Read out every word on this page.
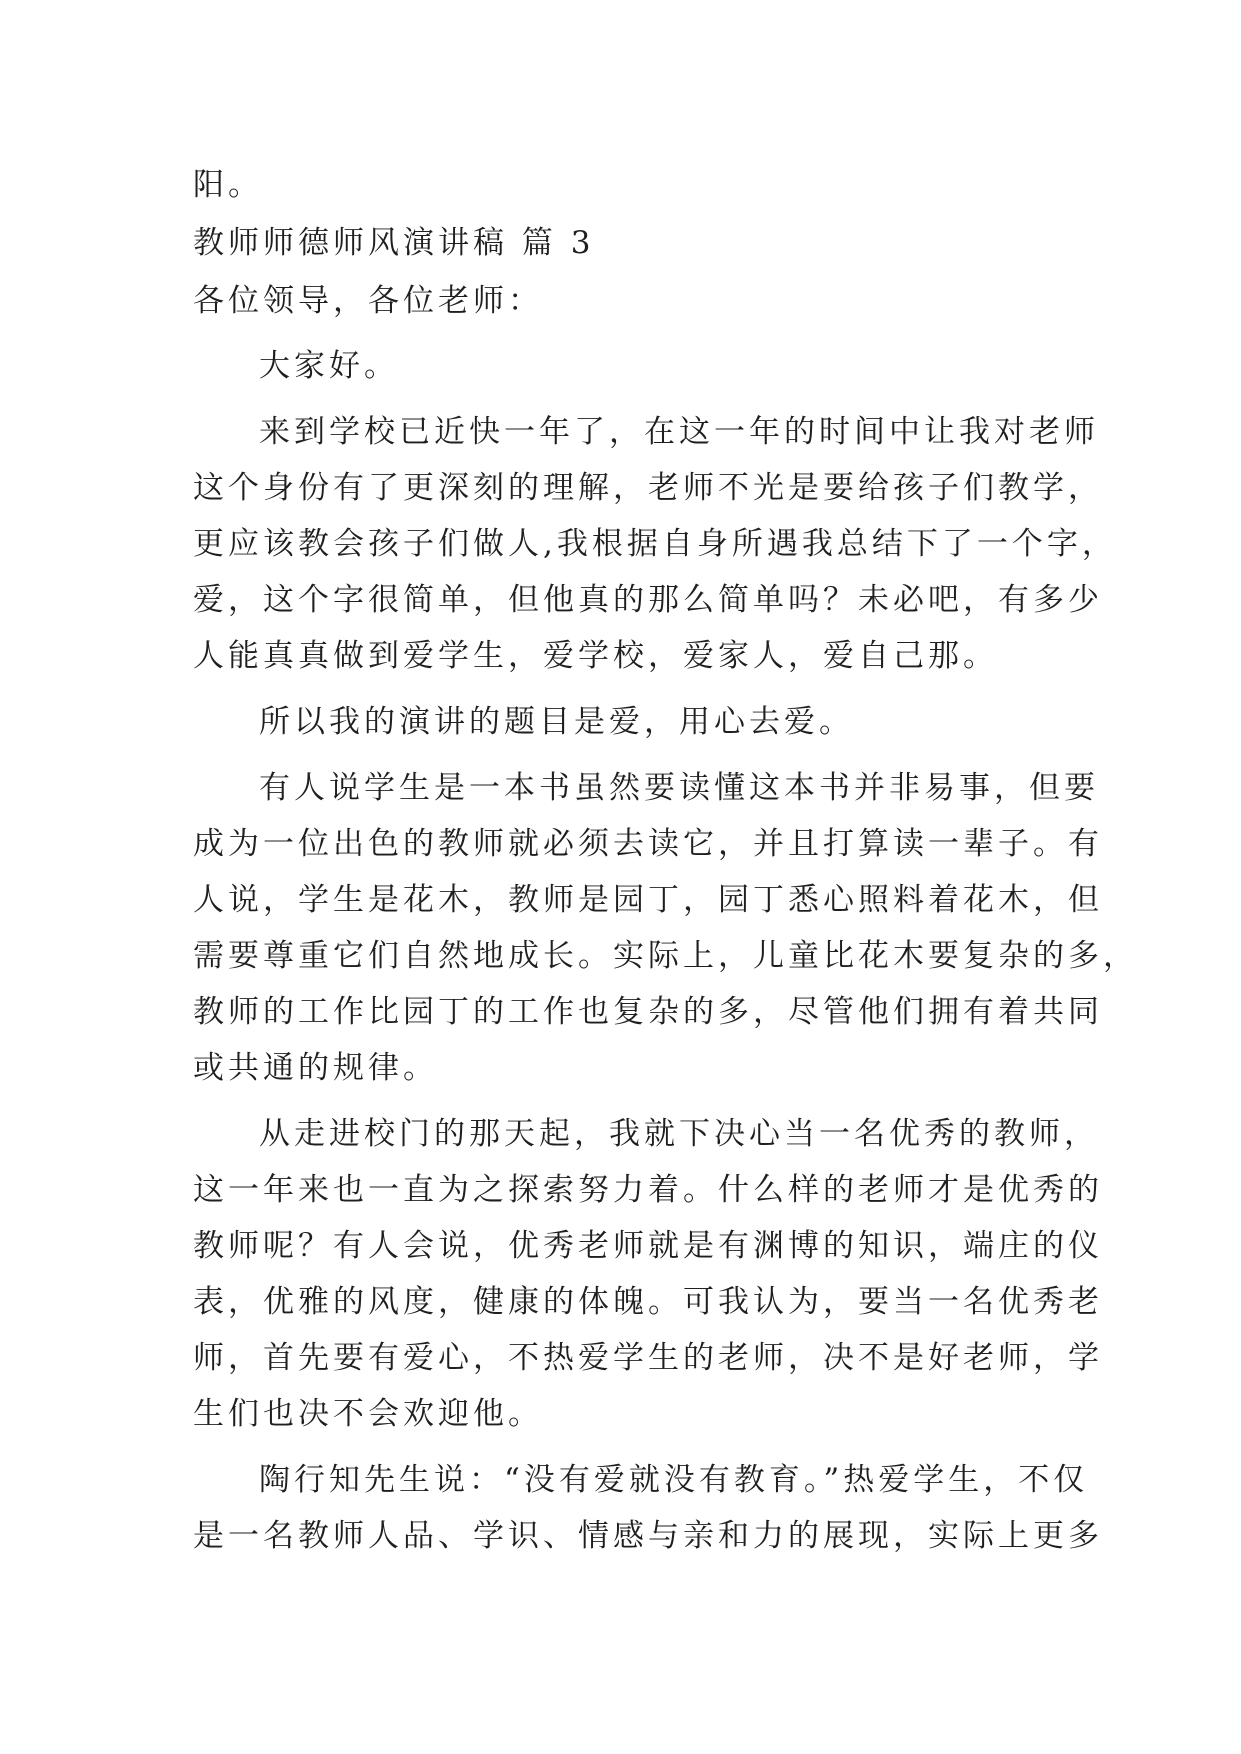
阳。
教师师德师风演讲稿 篇 3
各位领导，各位老师：
大家好。
来到学校已近快一年了，在这一年的时间中让我对老师
这个身份有了更深刻的理解，老师不光是要给孩子们教学，
更应该教会孩子们做人,我根据自身所遇我总结下了一个字，
爱，这个字很简单，但他真的那么简单吗？未必吧，有多少
人能真真做到爱学生，爱学校，爱家人，爱自己那。
所以我的演讲的题目是爱，用心去爱。
有人说学生是一本书虽然要读懂这本书并非易事，但要
成为一位出色的教师就必须去读它，并且打算读一辈子。有
人说，学生是花木，教师是园丁，园丁悉心照料着花木，但
需要尊重它们自然地成长。实际上，儿童比花木要复杂的多，
教师的工作比园丁的工作也复杂的多，尽管他们拥有着共同
或共通的规律。
从走进校门的那天起，我就下决心当一名优秀的教师，
这一年来也一直为之探索努力着。什么样的老师才是优秀的
教师呢？有人会说，优秀老师就是有渊博的知识，端庄的仪
表，优雅的风度，健康的体魄。可我认为，要当一名优秀老
师，首先要有爱心，不热爱学生的老师，决不是好老师，学
生们也决不会欢迎他。
陶行知先生说：“没有爱就没有教育。”热爱学生，不仅
是一名教师人品、学识、情感与亲和力的展现，实际上更多
